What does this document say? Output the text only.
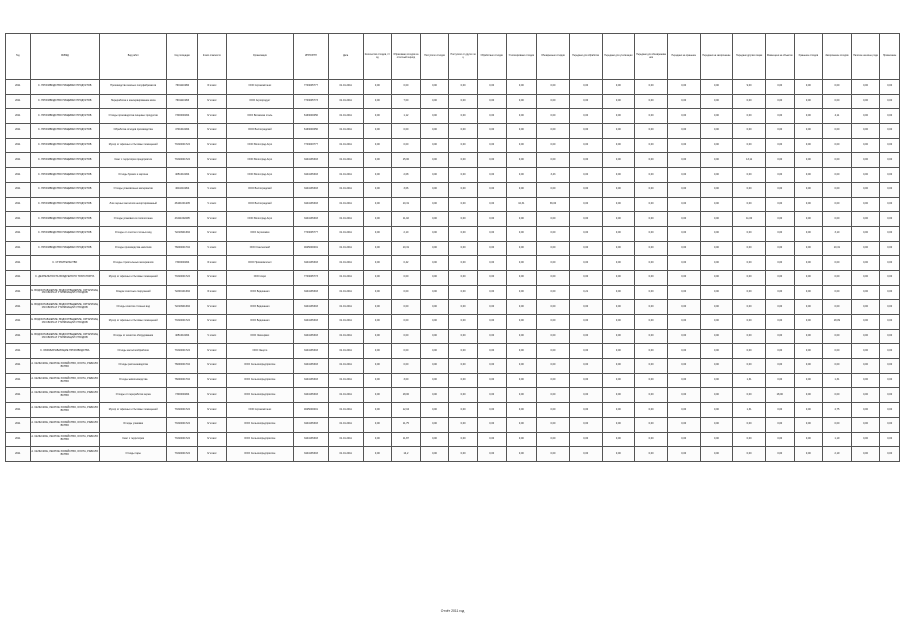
Год	ОКВЭД	Вид работ	Код площадки	Класс опасности	Организация	ИНН/ОГРН	Дата	Количество отходов, т/год	Образовано отходов за отчётный период	Поступило отходов	Поступило от других лиц	Обработано отходов	Утилизировано отходов	Обезврежено отходов	Передано для обработки	Передано для утилизации	Передано для обезвреживания	Передано на хранение	Передано на захоронение	Передано другим лицам	Размещено на объектах	Хранение отходов	Захоронение отходов	Наличие на конец года	Примечание
2011	С. ПРОИЗВОДСТВО ПИЩЕВЫХ ПРОДУКТОВ	Производство мясных полуфабрикатов	76011102Б0	III класс	ООО Агрокомплекс	7743005777	01.01.2011	0,00	0,00	0,00	0,00	0,00	0,00	0,00	0,00	0,00	0,00	0,00	0,00	9,00	0,00	0,00	0,00	0,00	0,00
2011	С. ПРОИЗВОДСТВО ПИЩЕВЫХ ПРОДУКТОВ	Переработка и консервирование мяса	76011101Б3	IV класс	ООО Агропродукт	7743005773	01.01.2011	0,00	7,00	0,00	0,00	0,00	0,00	0,00	0,00	0,00	0,00	0,00	0,00	0,00	0,00	0,00	0,00	0,00	0,00
2011	С. ПРОИЗВОДСТВО ПИЩЕВЫХ ПРОДУКТОВ	Отходы производства пищевых продуктов	73000001Б4	IV класс	ООО Волжская сталь	6163000056	01.01.2011	0,00	1,12	0,00	0,00	0,00	0,00	0,00	0,00	0,00	0,00	0,00	0,00	0,00	0,00	0,00	4,11	0,00	0,00
2011	С. ПРОИЗВОДСТВО ПИЩЕВЫХ ПРОДУКТОВ	Обработка отходов производства	47010101Б4	IV класс	ООО Волгоградский	6163000056	01.01.2011	0,00	0,00	0,00	0,00	0,00	0,00	0,00	0,00	0,00	0,00	0,00	0,00	0,00	0,00	0,00	0,00	0,00	0,00
2011	С. ПРОИЗВОДСТВО ПИЩЕВЫХ ПРОДУКТОВ	Мусор от офисных и бытовых помещений	73310001724	IV класс	ООО Волгоград-Агро	7743003777	01.01.2011	0,00	0,00	0,00	0,00	0,00	0,00	0,00	0,00	0,00	0,00	0,00	0,00	0,00	0,00	0,00	0,00	0,00	0,00
2011	С. ПРОИЗВОДСТВО ПИЩЕВЫХ ПРОДУКТОВ	Смет с территории предприятия	73310001724	IV класс	ООО Волгоград-Агро	3444135303	01.01.2011	0,00	15,00	0,00	0,00	0,00	0,00	0,00	0,00	0,00	0,00	0,00	0,00	13,11	0,00	0,00	0,00	0,00	0,00
2011	С. ПРОИЗВОДСТВО ПИЩЕВЫХ ПРОДУКТОВ	Отходы бумаги и картона	40510101Б4	IV класс	ООО Волгоград-Агро	3444135303	01.01.2011	0,00	2,08	0,00	0,00	0,00	0,00	3,43	0,00	0,00	0,00	0,00	0,00	0,00	0,00	0,00	0,00	0,00	0,00
2011	С. ПРОИЗВОДСТВО ПИЩЕВЫХ ПРОДУКТОВ	Отходы упаковочных материалов	40110101Б4	V класс	ООО Волгоградский	3444135303	01.01.2011	0,00	3,06	0,00	0,00	0,00	0,00	0,00	0,00	0,00	0,00	0,00	0,00	0,00	0,00	0,00	0,00	0,00	0,00
2011	С. ПРОИЗВОДСТВО ПИЩЕВЫХ ПРОДУКТОВ	Лом черных металлов несортированный	46101001205	V класс	ООО Волгоградский	3444135303	01.01.2011	0,00	10,31	0,00	0,00	0,00	10,31	36,00	0,00	0,00	0,00	0,00	0,00	0,00	0,00	0,00	0,00	0,00	0,00
2011	С. ПРОИЗВОДСТВО ПИЩЕВЫХ ПРОДУКТОВ	Отходы упаковки из полиэтилена	43411002295	IV класс	ООО Волгоград-Агро	3444135303	01.01.2011	0,00	11,02	0,00	0,00	0,00	0,00	0,00	0,00	0,00	0,00	0,00	0,00	11,00	0,00	0,00	0,00	0,00	0,00
2011	С. ПРОИЗВОДСТВО ПИЩЕВЫХ ПРОДУКТОВ	Отходы от очистки сточных вод	72210901394	IV класс	ООО Агрохимия	7743005777	01.01.2011	0,00	2,10	0,00	0,00	0,00	0,00	0,00	0,00	0,00	0,00	0,00	0,00	0,00	0,00	0,00	3,10	0,00	0,00
2011	С. ПРОИЗВОДСТВО ПИЩЕВЫХ ПРОДУКТОВ	Отходы производства напитков	76000001704	V класс	ООО Сантехснаб	4625000001	01.01.2011	0,00	10,31	0,00	0,00	0,00	0,00	0,00	0,00	0,00	0,00	0,00	0,00	0,00	0,00	0,00	10,31	0,00	0,00
2011	С. СТРОИТЕЛЬСТВО	Отходы строительных материалов	73000001Б4	III класс	ООО Промкомплект	3444135303	01.01.2011	0,00	0,42	0,00	0,00	0,00	0,00	0,00	0,00	0,00	0,00	0,00	0,00	0,00	0,00	0,00	0,00	0,00	0,00
2011	С. ДЕЯТЕЛЬНОСТЬ ВОЗДУШНОГО ТРАНСПОРТА	Мусор от офисных и бытовых помещений	73310001724	IV класс	ООО Аэро	7743005773	01.01.2011	0,00	0,00	0,00	0,00	0,00	0,00	0,00	0,00	0,00	0,00	0,00	0,00	0,00	0,00	0,00	0,00	0,00	0,00
2011	Е. ВОДОСНАБЖЕНИЕ; ВОДООТВЕДЕНИЕ, ОРГАНИЗАЦИЯ СБОРА И УТИЛИЗАЦИИ ОТХОДОВ	Осадок очистных сооружений	72200101394	III класс	ООО Водоканал	3444135303	01.01.2011	0,00	0,00	0,00	0,00	0,00	0,00	0,00	0,21	0,00	0,00	0,00	0,00	0,00	0,00	0,00	0,00	0,00	0,00
2011	Е. ВОДОСНАБЖЕНИЕ; ВОДООТВЕДЕНИЕ, ОРГАНИЗАЦИЯ СБОРА И УТИЛИЗАЦИИ ОТХОДОВ	Отходы очистки сточных вод	72210901394	IV класс	ООО Водоканал	3444135303	01.01.2011	0,00	0,00	0,00	0,00	0,00	0,00	0,00	0,00	0,00	0,00	0,00	0,00	0,00	0,00	0,00	0,00	0,00	0,00
2011	Е. ВОДОСНАБЖЕНИЕ; ВОДООТВЕДЕНИЕ, ОРГАНИЗАЦИЯ СБОРА И УТИЛИЗАЦИИ ОТХОДОВ	Мусор от офисных и бытовых помещений	73310001724	IV класс	ООО Водоканал	3444135303	01.01.2011	0,00	0,00	0,00	0,00	0,00	0,00	0,00	0,00	0,00	0,00	0,00	0,00	0,00	0,00	0,00	18,09	0,00	0,00
2011	Е. ВОДОСНАБЖЕНИЕ; ВОДООТВЕДЕНИЕ, ОРГАНИЗАЦИЯ СБОРА И УТИЛИЗАЦИИ ОТХОДОВ	Отходы от зачистки оборудования	40510101Б4	V класс	ООО Экосервис	3444135303	01.01.2011	0,00	0,00	0,00	0,00	0,00	0,00	0,00	0,00	0,00	0,00	0,00	0,00	0,00	0,00	0,00	0,00	0,00	0,00
2011	С. ОБРАБАТЫВАЮЩИЕ ПРОИЗВОДСТВА	Отходы металлообработки	73310001724	IV класс	ООО Энерго	3444135303	01.01.2011	0,00	0,00	0,00	0,00	0,00	0,00	0,00	0,00	0,00	0,00	0,00	0,00	0,00	0,00	0,00	0,00	0,00	0,00
2011	А. СЕЛЬСКОЕ, ЛЕСНОЕ ХОЗЯЙСТВО, ОХОТА, РЫБОЛОВСТВО	Отходы растениеводства	76000001704	IV класс	ООО Сельхозпредприятие	3444135303	01.01.2011	0,00	0,00	0,00	0,00	0,00	0,00	0,00	0,00	0,00	0,00	0,00	0,00	0,00	0,00	0,00	0,00	0,00	0,00
2011	А. СЕЛЬСКОЕ, ЛЕСНОЕ ХОЗЯЙСТВО, ОХОТА, РЫБОЛОВСТВО	Отходы животноводства	76000001704	IV класс	ООО Сельхозпредприятие	3444135303	01.01.2011	0,00	3,00	0,00	0,00	0,00	0,00	0,00	0,00	0,00	0,00	0,00	0,00	1,31	0,00	0,00	1,31	0,00	0,00
2011	А. СЕЛЬСКОЕ, ЛЕСНОЕ ХОЗЯЙСТВО, ОХОТА, РЫБОЛОВСТВО	Отходы от переработки зерна	73000001Б4	IV класс	ООО Сельхозпредприятие	3444135303	01.01.2011	0,00	18,00	0,00	0,00	0,00	0,00	0,00	0,00	0,00	0,00	0,00	0,00	0,00	18,00	0,00	0,00	0,00	0,00
2011	А. СЕЛЬСКОЕ, ЛЕСНОЕ ХОЗЯЙСТВО, ОХОТА, РЫБОЛОВСТВО	Мусор от офисных и бытовых помещений	73310001724	IV класс	ООО Агрокомплекс	4625000001	01.01.2011	0,00	12,04	0,00	0,00	0,00	0,00	0,00	0,00	0,00	0,00	0,00	0,00	1,31	0,00	0,00	4,75	0,00	0,00
2011	А. СЕЛЬСКОЕ, ЛЕСНОЕ ХОЗЯЙСТВО, ОХОТА, РЫБОЛОВСТВО	Отходы упаковки	73310001724	IV класс	ООО Сельхозпредприятие	3444135303	01.01.2011	0,00	11,75	0,00	0,00	0,00	0,00	0,00	0,00	0,00	0,00	0,00	0,00	0,00	0,00	0,00	0,00	0,00	0,00
2011	А. СЕЛЬСКОЕ, ЛЕСНОЕ ХОЗЯЙСТВО, ОХОТА, РЫБОЛОВСТВО	Смет с территории	73310001724	IV класс	ООО Сельхозпредприятие	3444135303	01.01.2011	0,00	11,87	0,00	0,00	0,00	0,00	0,00	0,00	0,00	0,00	0,00	0,00	0,00	0,00	0,00	1,19	0,00	0,00
2011	А. СЕЛЬСКОЕ, ЛЕСНОЕ ХОЗЯЙСТВО, ОХОТА, РЫБОЛОВСТВО	Отходы тары	73310001724	IV класс	ООО Сельхозпредприятие	3444135303	01.01.2011	0,00	14,2	0,00	0,00	0,00	0,00	0,00	0,00	0,00	0,00	0,00	0,00	0,00	0,00	0,00	2,19	0,00	0,00
Отчёт 2011 год
